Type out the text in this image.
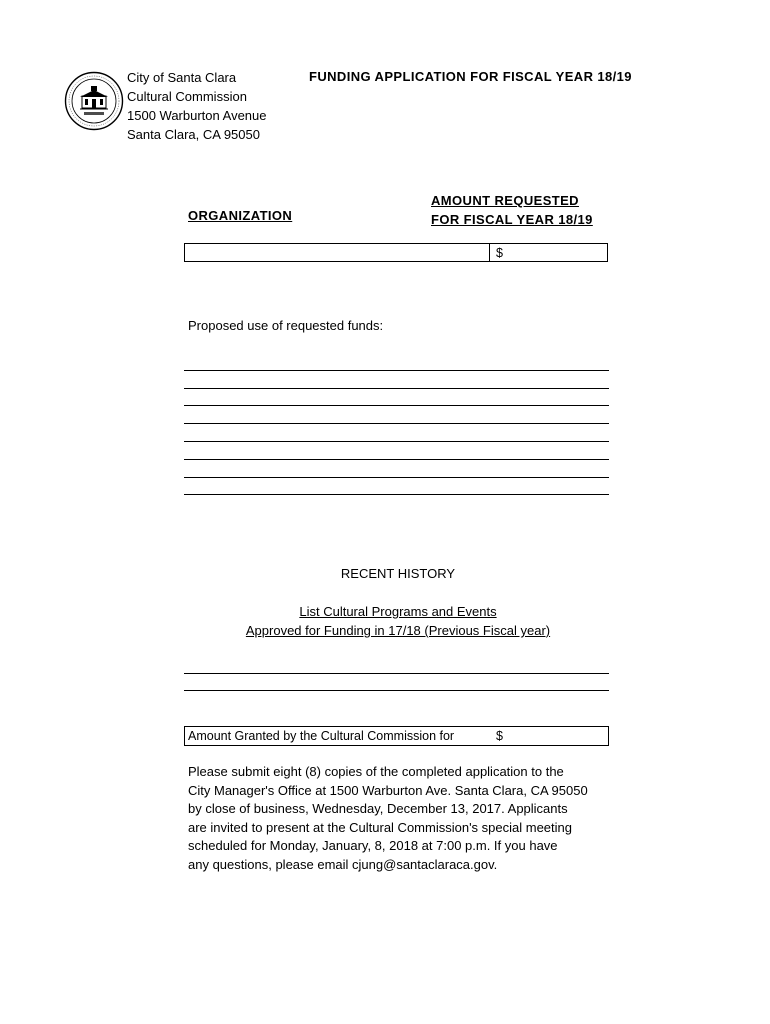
City of Santa Clara
Cultural Commission
1500 Warburton Avenue
Santa Clara, CA 95050
FUNDING APPLICATION FOR FISCAL YEAR 18/19
ORGANIZATION
AMOUNT REQUESTED
FOR FISCAL YEAR 18/19
$
Proposed use of requested funds:
RECENT HISTORY
List Cultural Programs and Events
Approved for Funding in 17/18 (Previous Fiscal year)
Amount Granted by the Cultural Commission for	$
Please submit eight (8) copies of the completed application to the
City Manager's Office at 1500 Warburton Ave. Santa Clara, CA 95050
by close of business, Wednesday, December 13, 2017. Applicants
are invited to present at the Cultural Commission's special meeting
scheduled for Monday, January, 8, 2018 at 7:00 p.m. If you have
any questions, please email cjung@santaclaraca.gov.
